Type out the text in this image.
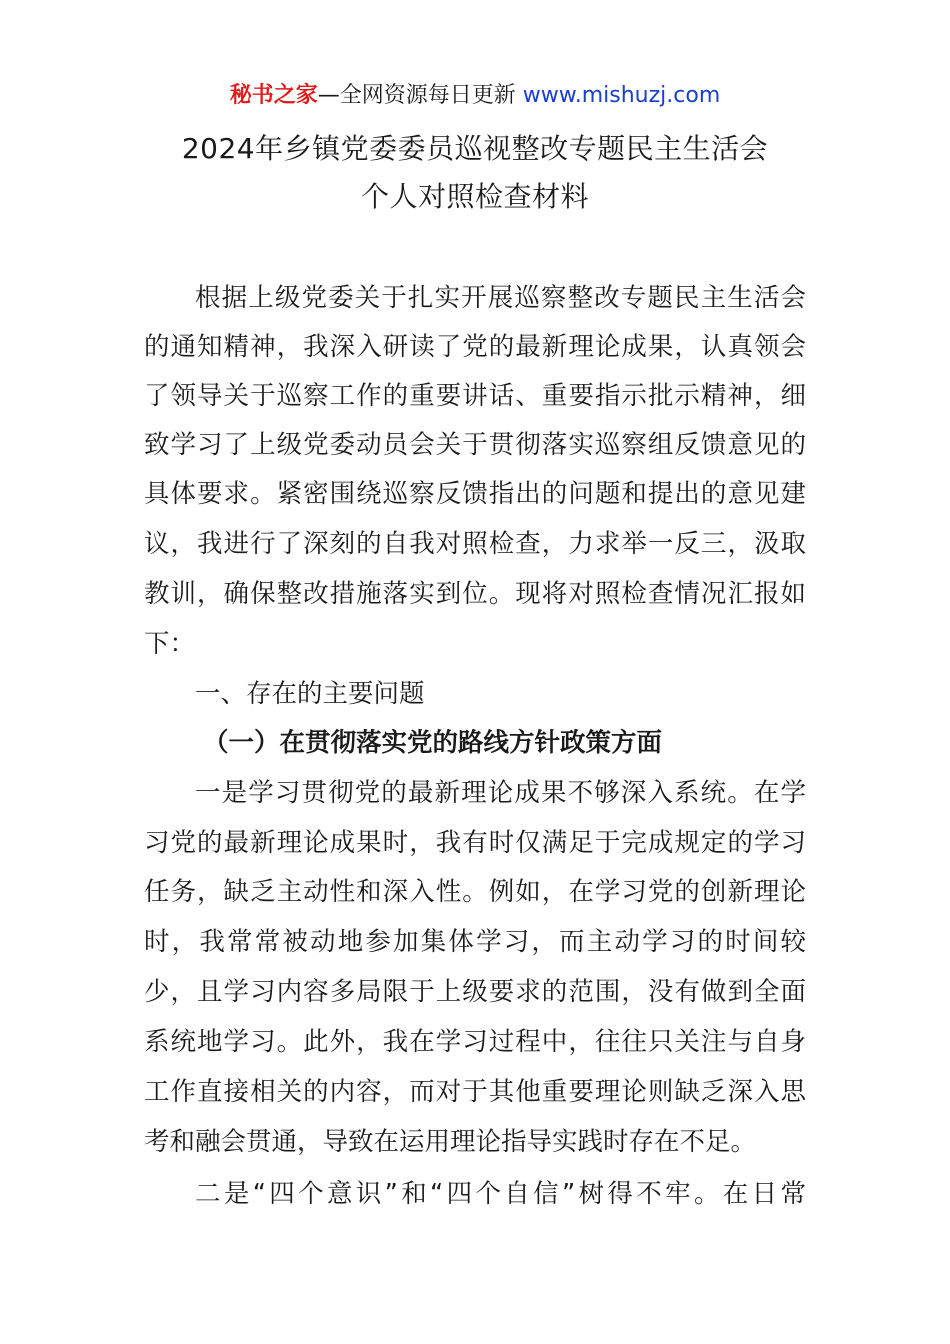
秘书之家—全网资源每日更新 www.mishuzj.com
2024年乡镇党委委员巡视整改专题民主生活会
个人对照检查材料
根据上级党委关于扎实开展巡察整改专题民主生活会
的通知精神，我深入研读了党的最新理论成果，认真领会
了领导关于巡察工作的重要讲话、重要指示批示精神，细
致学习了上级党委动员会关于贯彻落实巡察组反馈意见的
具体要求。紧密围绕巡察反馈指出的问题和提出的意见建
议，我进行了深刻的自我对照检查，力求举一反三，汲取
教训，确保整改措施落实到位。现将对照检查情况汇报如
下：
一、存在的主要问题
（一）在贯彻落实党的路线方针政策方面
一是学习贯彻党的最新理论成果不够深入系统。在学
习党的最新理论成果时，我有时仅满足于完成规定的学习
任务，缺乏主动性和深入性。例如，在学习党的创新理论
时，我常常被动地参加集体学习，而主动学习的时间较
少，且学习内容多局限于上级要求的范围，没有做到全面
系统地学习。此外，我在学习过程中，往往只关注与自身
工作直接相关的内容，而对于其他重要理论则缺乏深入思
考和融会贯通，导致在运用理论指导实践时存在不足。
二是“四个意识”和“四个自信”树得不牢。在日常
